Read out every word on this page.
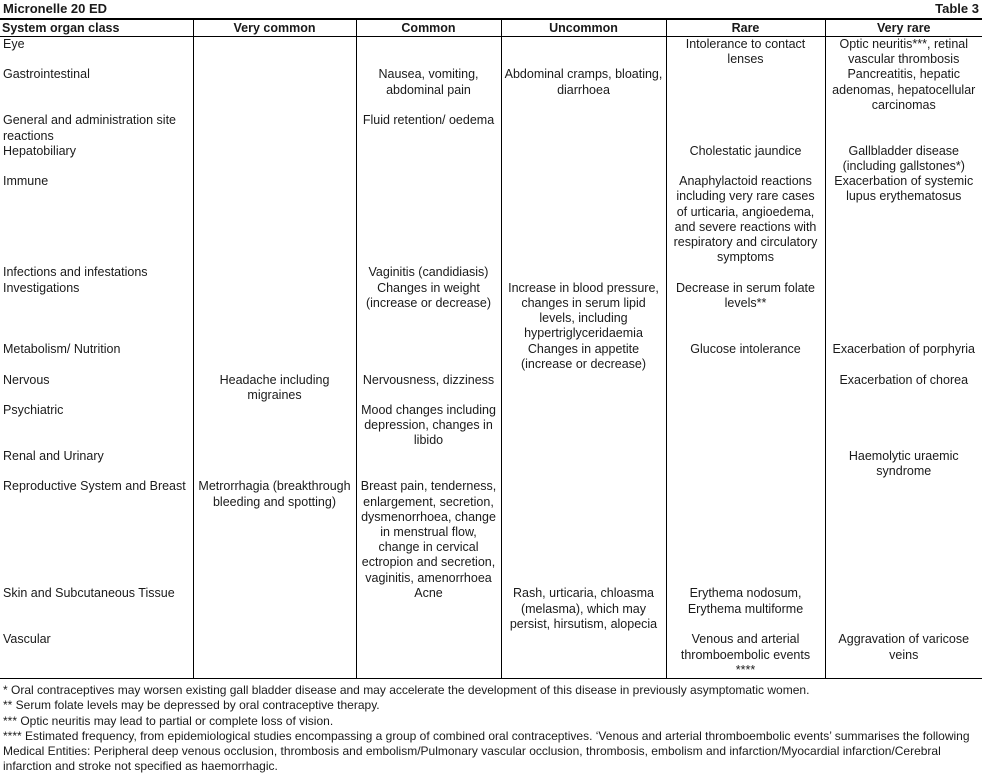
Micronelle 20 ED	Table 3
System organ class	Very common	Common	Uncommon	Rare	Very rare
Eye				Intolerance to contact lenses	Optic neuritis***, retinal vascular thrombosis
Gastrointestinal		Nausea, vomiting, abdominal pain	Abdominal cramps, bloating, diarrhoea		Pancreatitis, hepatic adenomas, hepatocellular carcinomas
General and administration site reactions		Fluid retention/ oedema			
Hepatobiliary				Cholestatic jaundice	Gallbladder disease (including gallstones*)
Immune				Anaphylactoid reactions including very rare cases of urticaria, angioedema, and severe reactions with respiratory and circulatory symptoms	Exacerbation of systemic lupus erythematosus
Infections and infestations		Vaginitis (candidiasis)			
Investigations		Changes in weight (increase or decrease)	Increase in blood pressure, changes in serum lipid levels, including hypertriglyceridaemia	Decrease in serum folate levels**	
Metabolism/ Nutrition			Changes in appetite (increase or decrease)	Glucose intolerance	Exacerbation of porphyria
Nervous	Headache including migraines	Nervousness, dizziness			Exacerbation of chorea
Psychiatric		Mood changes including depression, changes in libido			
Renal and Urinary					Haemolytic uraemic syndrome
Reproductive System and Breast	Metrorrhagia (breakthrough bleeding and spotting)	Breast pain, tenderness, enlargement, secretion, dysmenorrhoea, change in menstrual flow, change in cervical ectropion and secretion, vaginitis, amenorrhoea			
Skin and Subcutaneous Tissue		Acne	Rash, urticaria, chloasma (melasma), which may persist, hirsutism, alopecia	Erythema nodosum, Erythema multiforme	
Vascular				Venous and arterial thromboembolic events ****	Aggravation of varicose veins
* Oral contraceptives may worsen existing gall bladder disease and may accelerate the development of this disease in previously asymptomatic women.
** Serum folate levels may be depressed by oral contraceptive therapy.
*** Optic neuritis may lead to partial or complete loss of vision.
**** Estimated frequency, from epidemiological studies encompassing a group of combined oral contraceptives. ‘Venous and arterial thromboembolic events’ summarises the following Medical Entities: Peripheral deep venous occlusion, thrombosis and embolism/Pulmonary vascular occlusion, thrombosis, embolism and infarction/Myocardial infarction/Cerebral infarction and stroke not specified as haemorrhagic.
